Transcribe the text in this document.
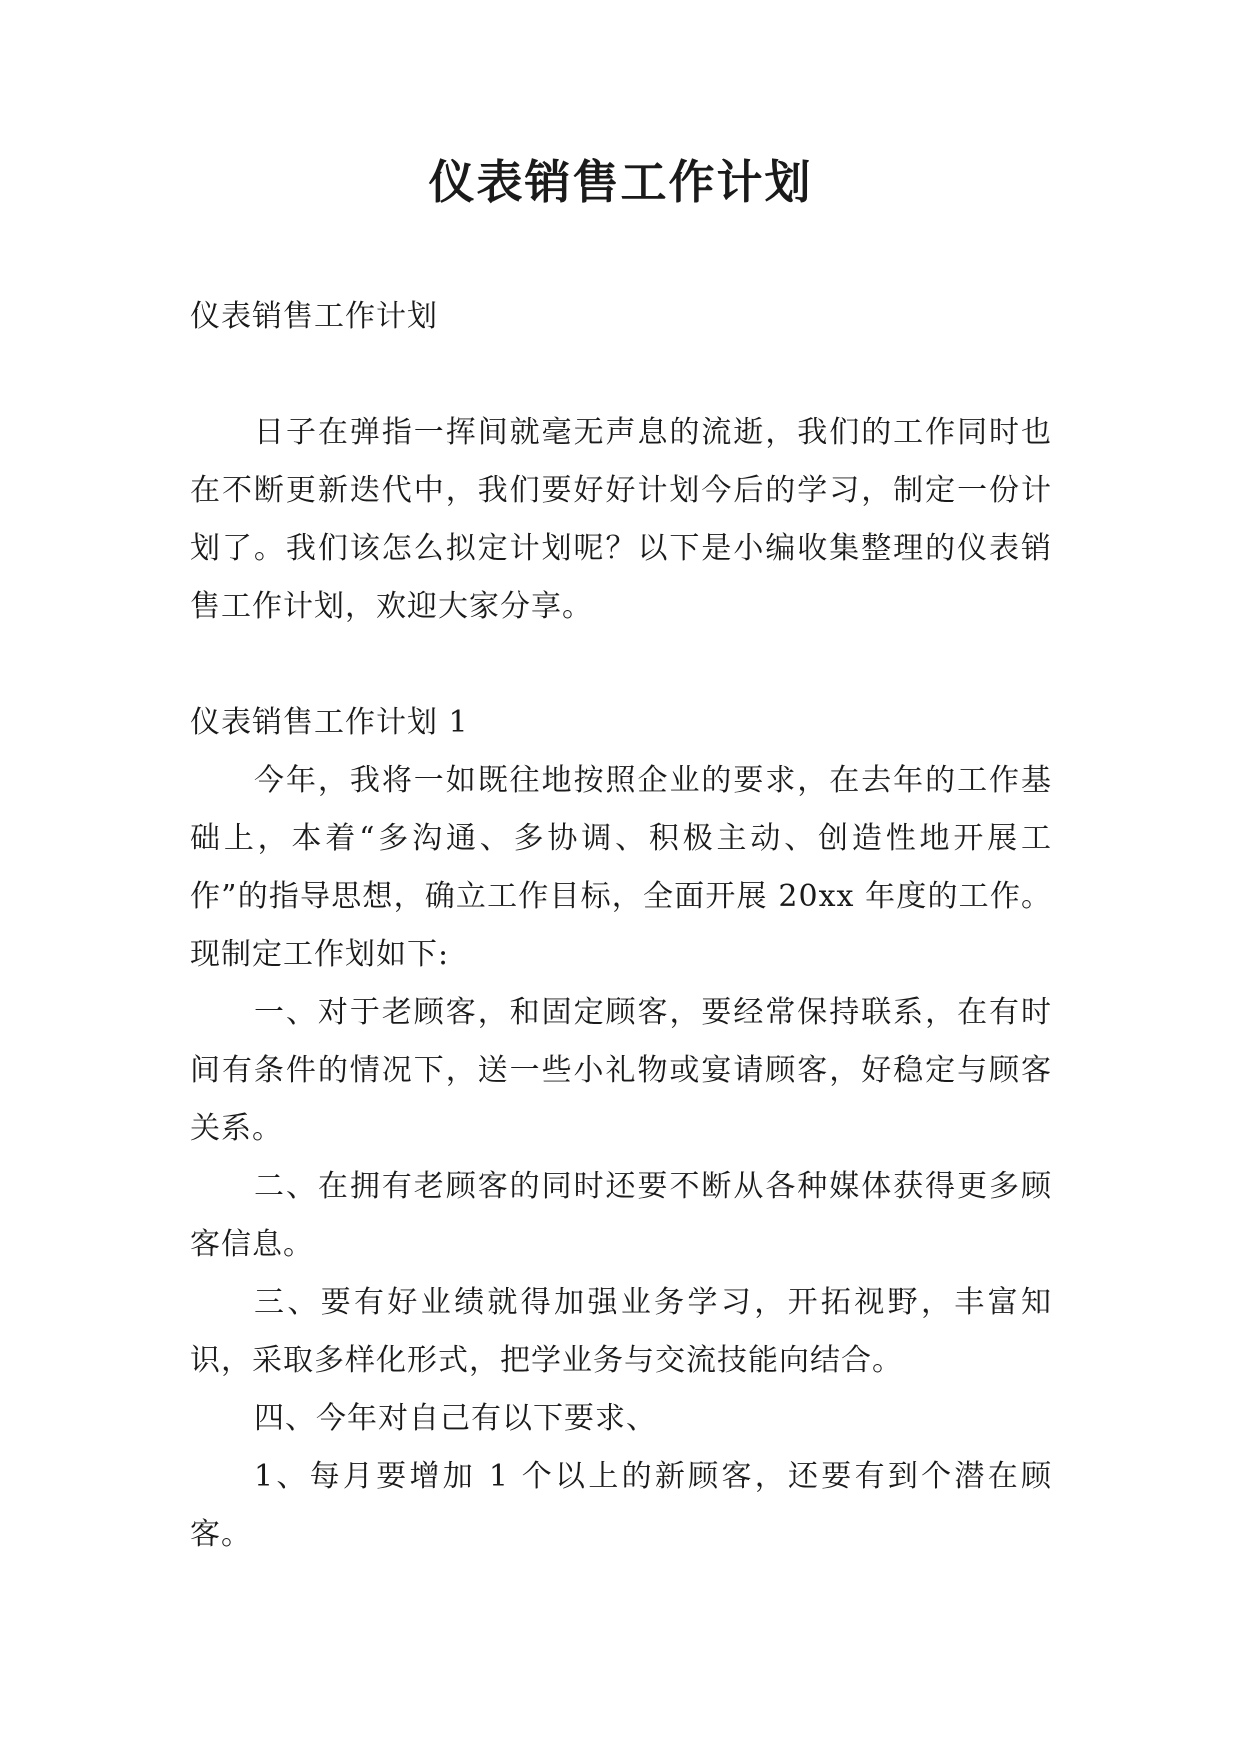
仪表销售工作计划

仪表销售工作计划

日子在弹指一挥间就毫无声息的流逝，我们的工作同时也在不断更新迭代中，我们要好好计划今后的学习，制定一份计划了。我们该怎么拟定计划呢？以下是小编收集整理的仪表销售工作计划，欢迎大家分享。

仪表销售工作计划 1

今年，我将一如既往地按照企业的要求，在去年的工作基础上，本着“多沟通、多协调、积极主动、创造性地开展工作”的指导思想，确立工作目标，全面开展 20xx 年度的工作。现制定工作划如下:

一、对于老顾客，和固定顾客，要经常保持联系，在有时间有条件的情况下，送一些小礼物或宴请顾客，好稳定与顾客关系。

二、在拥有老顾客的同时还要不断从各种媒体获得更多顾客信息。

三、要有好业绩就得加强业务学习，开拓视野，丰富知识，采取多样化形式，把学业务与交流技能向结合。

四、今年对自己有以下要求、

1、每月要增加 1 个以上的新顾客，还要有到个潜在顾客。
